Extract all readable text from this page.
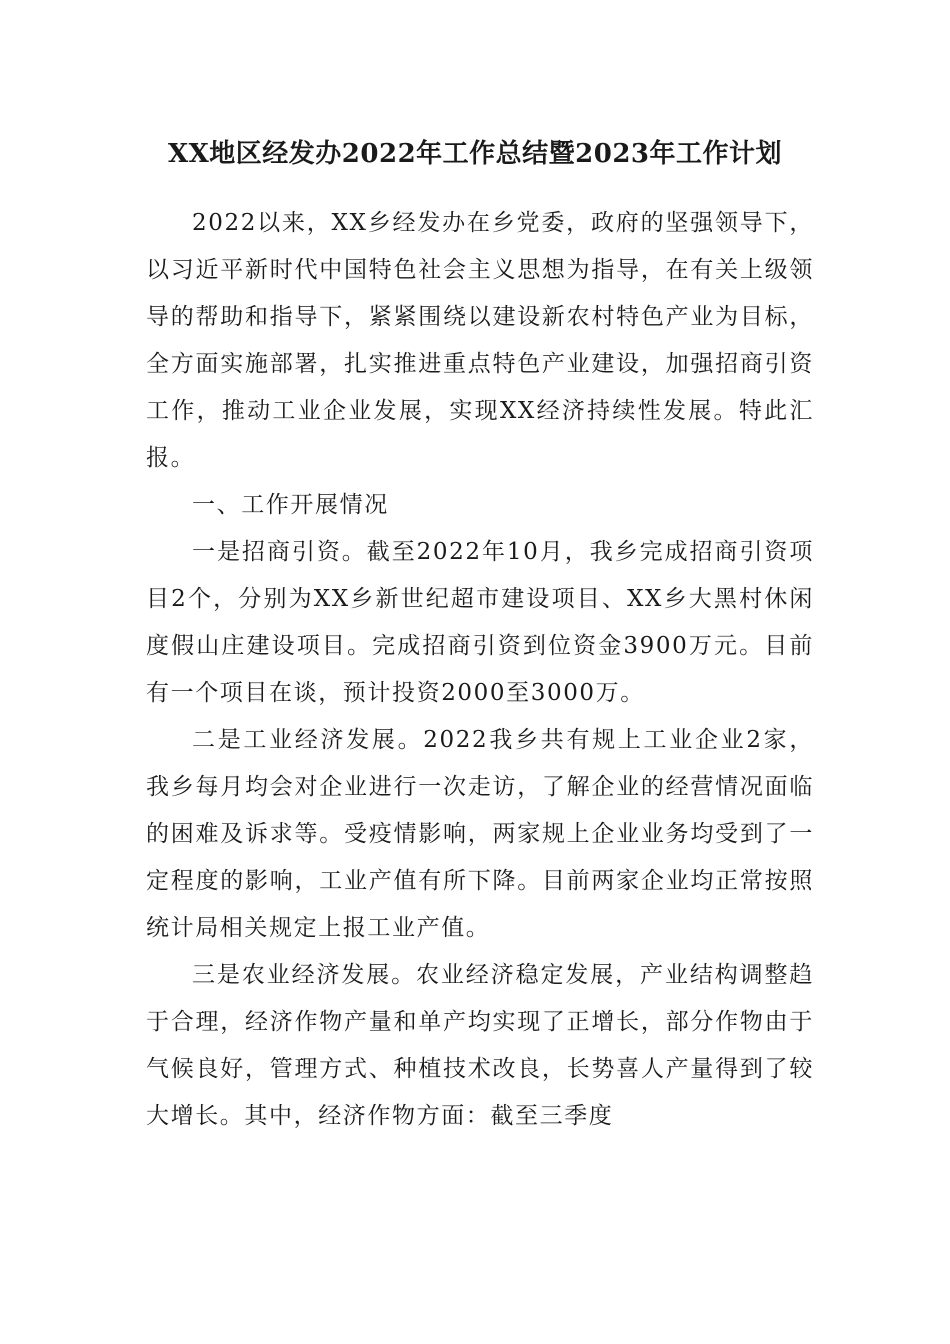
XX地区经发办2022年工作总结暨2023年工作计划

2022以来，XX乡经发办在乡党委，政府的坚强领导下，以习近平新时代中国特色社会主义思想为指导，在有关上级领导的帮助和指导下，紧紧围绕以建设新农村特色产业为目标，全方面实施部署，扎实推进重点特色产业建设，加强招商引资工作，推动工业企业发展，实现XX经济持续性发展。特此汇报。

一、工作开展情况

一是招商引资。截至2022年10月，我乡完成招商引资项目2个，分别为XX乡新世纪超市建设项目、XX乡大黑村休闲度假山庄建设项目。完成招商引资到位资金3900万元。目前有一个项目在谈，预计投资2000至3000万。

二是工业经济发展。2022我乡共有规上工业企业2家，我乡每月均会对企业进行一次走访，了解企业的经营情况面临的困难及诉求等。受疫情影响，两家规上企业业务均受到了一定程度的影响，工业产值有所下降。目前两家企业均正常按照统计局相关规定上报工业产值。

三是农业经济发展。农业经济稳定发展，产业结构调整趋于合理，经济作物产量和单产均实现了正增长，部分作物由于气候良好，管理方式、种植技术改良，长势喜人产量得到了较大增长。其中，经济作物方面：截至三季度
